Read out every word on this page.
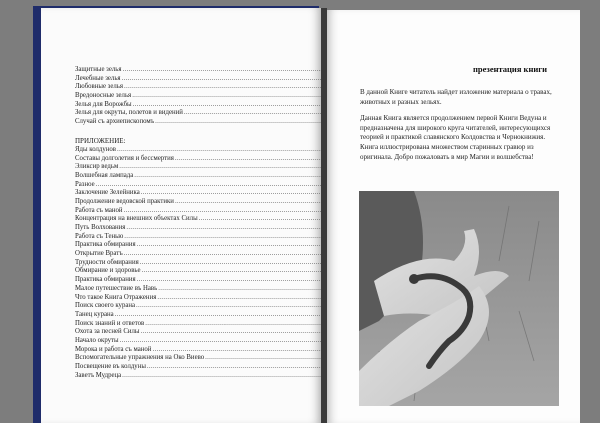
Защитные зелья
.....
Лечебные зелья
.....
Любовные зелья
.....
Вредоносные зелья
.....
Зелья для Ворожбы
.....
Зелья для окруты, полетов и видений
.....
Случай съ архиепископомъ
.....
ПРИЛОЖЕНИЕ:
Яды колдунов
.....
Составы долголетия и бессмертия
.....
Эликсир ведьм
.....
Волшебная лампада
.....
Разное
.....
Заклочение Зелейника
.....
Продолжение ведовской практики
.....
Работа съ маной
.....
Концентрация на внешних объектах Силы
.....
Путь Волхования
.....
Работа съ Тенью
.....
Практика обмирания
.....
Открытие Вратъ
.....
Трудности обмирания
.....
Обмирание и здоровье
.....
Практика обмирания
.....
Малое путешествие въ Навь
.....
Что такое Книга Отражения
.....
Поиск своего курана
.....
Танец курана
.....
Поиск знаний и ответов
.....
Охота за песней Силы
.....
Начало окруты
.....
Морока и работа съ маной
.....
Вспомогательные упражнения на Око Виево
.....
Посвещение въ колдуны
.....
Заветъ Мудреца
.....
презентация книги

В данной Книге читатель найдет изложение материала о травах, животных и разных зельях.

Данная Книга является продолжением первой Книги Ведуна и предназначена для широкого круга читателей, интересующихся теорией и практикой славянского Колдовства и Чернокнижия. Книга иллюстрирована множеством старинных гравюр из оригинала. Добро пожаловать в мир Магии и волшебства!
